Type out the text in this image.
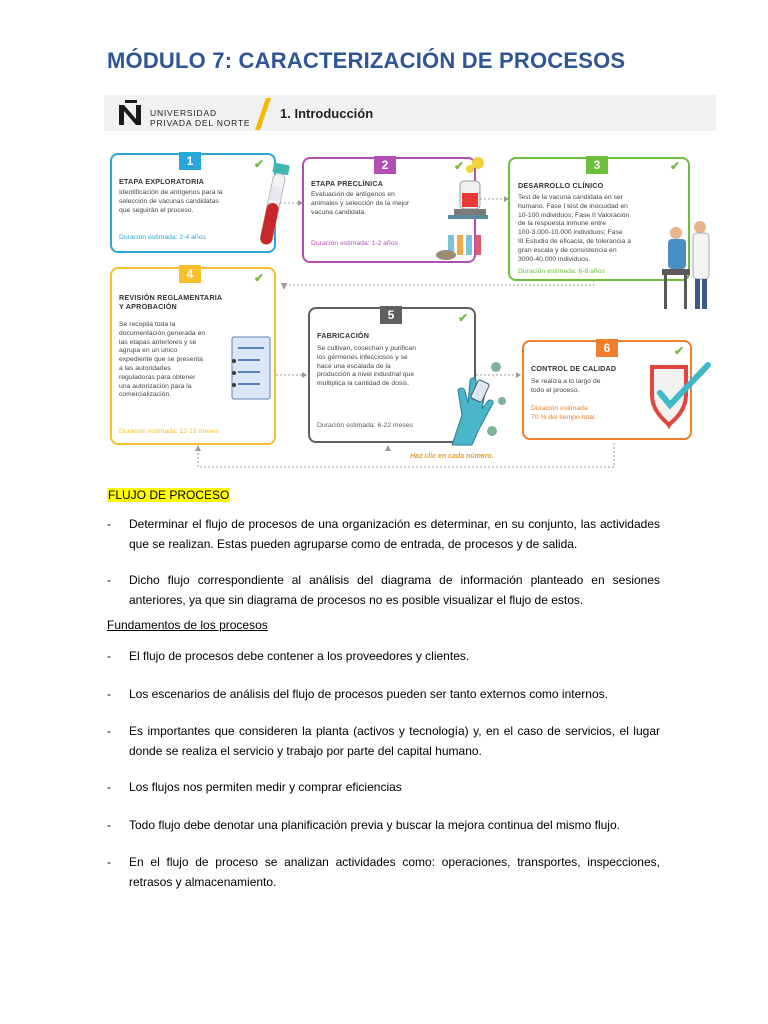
MÓDULO 7: CARACTERIZACIÓN DE PROCESOS
UNIVERSIDAD
PRIVADA DEL NORTE
1. Introducción
ETAPA EXPLORATORIA
Identificación de antígenos para la
selección de vacunas candidatas
que seguirán el proceso.
Duración estimada: 2-4 años
✔
1
ETAPA PRECLÍNICA
Evaluación de antígenos en
animales y selección de la mejor
vacuna candidata.
Duración estimada: 1-2 años
✔
2
DESARROLLO CLÍNICO
Test de la vacuna candidata en ser
humano. Fase I test de inocuidad en
10-100 individuos; Fase II Valoración
de la respuesta inmune entre
100-3.000-10.000 individuos; Fase
III Estudio de eficacia, de tolerancia a
gran escala y de consistencia en
3000-40.000 individuos.
Duración estimada: 6-8 años
✔
3
REVISIÓN REGLAMENTARIA
Y APROBACIÓN
Se recopila toda la
documentación generada en
las etapas anteriores y se
agrupa en un único
expediente que se presenta
a las autoridades
reguladoras para obtener
una autorización para la
comercialización.
Duración estimada: 12-18 meses
✔
4
FABRICACIÓN
Se cultivan, cosechan y purifican
los gérmenes infecciosos y se
hace una escalada de la
producción a nivel industrial que
multiplica la cantidad de dosis.
Duración estimada: 6-22 meses
✔
5
CONTROL DE CALIDAD
Se realiza a lo largo de
todo el proceso.
Duración estimada:
70 % del tiempo total
✔
6
Haz clic en cada número.
FLUJO DE PROCESO
- Determinar el flujo de procesos de una organización es determinar, en su conjunto, las actividades que se realizan. Estas pueden agruparse como de entrada, de procesos y de salida.
- Dicho flujo correspondiente al análisis del diagrama de información planteado en sesiones anteriores, ya que sin diagrama de procesos no es posible visualizar el flujo de estos.
Fundamentos de los procesos
- El flujo de procesos debe contener a los proveedores y clientes.
- Los escenarios de análisis del flujo de procesos pueden ser tanto externos como internos.
- Es importantes que consideren la planta (activos y tecnología) y, en el caso de servicios, el lugar donde se realiza el servicio y trabajo por parte del capital humano.
- Los flujos nos permiten medir y comprar eficiencias
- Todo flujo debe denotar una planificación previa y buscar la mejora continua del mismo flujo.
- En el flujo de proceso se analizan actividades como: operaciones, transportes, inspecciones, retrasos y almacenamiento.
